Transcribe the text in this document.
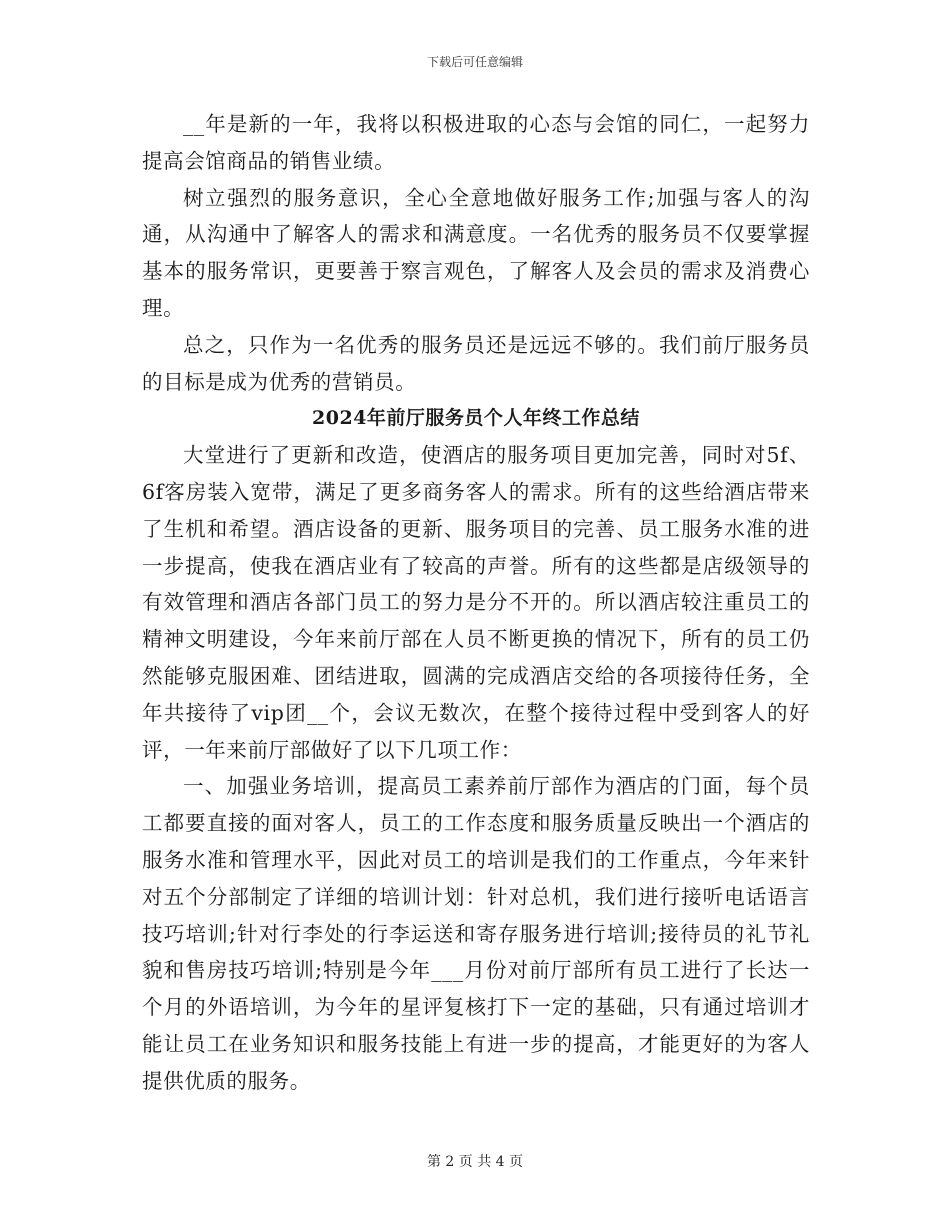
下载后可任意编辑

__年是新的一年，我将以积极进取的心态与会馆的同仁，一起努力提高会馆商品的销售业绩。

树立强烈的服务意识，全心全意地做好服务工作;加强与客人的沟通，从沟通中了解客人的需求和满意度。一名优秀的服务员不仅要掌握基本的服务常识，更要善于察言观色，了解客人及会员的需求及消费心理。

总之，只作为一名优秀的服务员还是远远不够的。我们前厅服务员的目标是成为优秀的营销员。

2024年前厅服务员个人年终工作总结

大堂进行了更新和改造，使酒店的服务项目更加完善，同时对5f、6f客房装入宽带，满足了更多商务客人的需求。所有的这些给酒店带来了生机和希望。酒店设备的更新、服务项目的完善、员工服务水准的进一步提高，使我在酒店业有了较高的声誉。所有的这些都是店级领导的有效管理和酒店各部门员工的努力是分不开的。所以酒店较注重员工的精神文明建设，今年来前厅部在人员不断更换的情况下，所有的员工仍然能够克服困难、团结进取，圆满的完成酒店交给的各项接待任务，全年共接待了vip团__个，会议无数次，在整个接待过程中受到客人的好评，一年来前厅部做好了以下几项工作：

一、加强业务培训，提高员工素养前厅部作为酒店的门面，每个员工都要直接的面对客人，员工的工作态度和服务质量反映出一个酒店的服务水准和管理水平，因此对员工的培训是我们的工作重点，今年来针对五个分部制定了详细的培训计划：针对总机，我们进行接听电话语言技巧培训;针对行李处的行李运送和寄存服务进行培训;接待员的礼节礼貌和售房技巧培训;特别是今年___月份对前厅部所有员工进行了长达一个月的外语培训，为今年的星评复核打下一定的基础，只有通过培训才能让员工在业务知识和服务技能上有进一步的提高，才能更好的为客人提供优质的服务。

第 2 页 共 4 页
